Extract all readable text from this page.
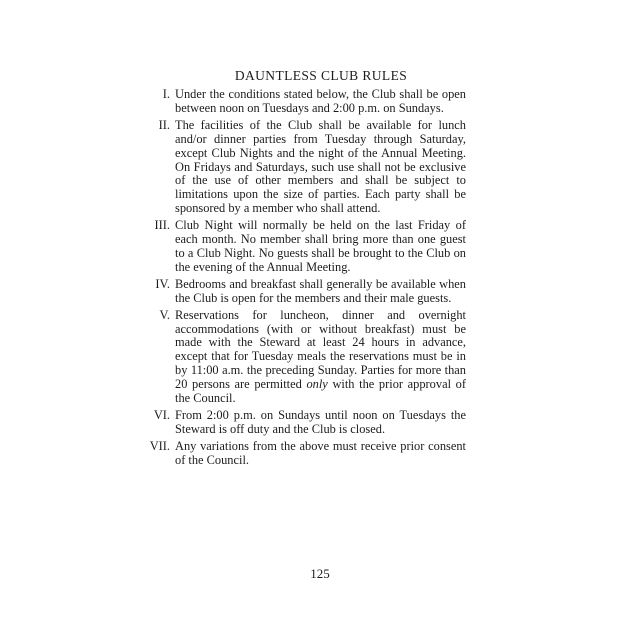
DAUNTLESS CLUB RULES
I. Under the conditions stated below, the Club shall be open between noon on Tuesdays and 2:00 p.m. on Sundays.
II. The facilities of the Club shall be available for lunch and/or dinner parties from Tuesday through Saturday, except Club Nights and the night of the Annual Meeting. On Fridays and Saturdays, such use shall not be exclusive of the use of other members and shall be subject to limitations upon the size of parties. Each party shall be sponsored by a member who shall attend.
III. Club Night will normally be held on the last Friday of each month. No member shall bring more than one guest to a Club Night. No guests shall be brought to the Club on the evening of the Annual Meeting.
IV. Bedrooms and breakfast shall generally be available when the Club is open for the members and their male guests.
V. Reservations for luncheon, dinner and overnight accommodations (with or without breakfast) must be made with the Steward at least 24 hours in advance, except that for Tuesday meals the reservations must be in by 11:00 a.m. the preceding Sunday. Parties for more than 20 persons are permitted only with the prior approval of the Council.
VI. From 2:00 p.m. on Sundays until noon on Tuesdays the Steward is off duty and the Club is closed.
VII. Any variations from the above must receive prior consent of the Council.
125
